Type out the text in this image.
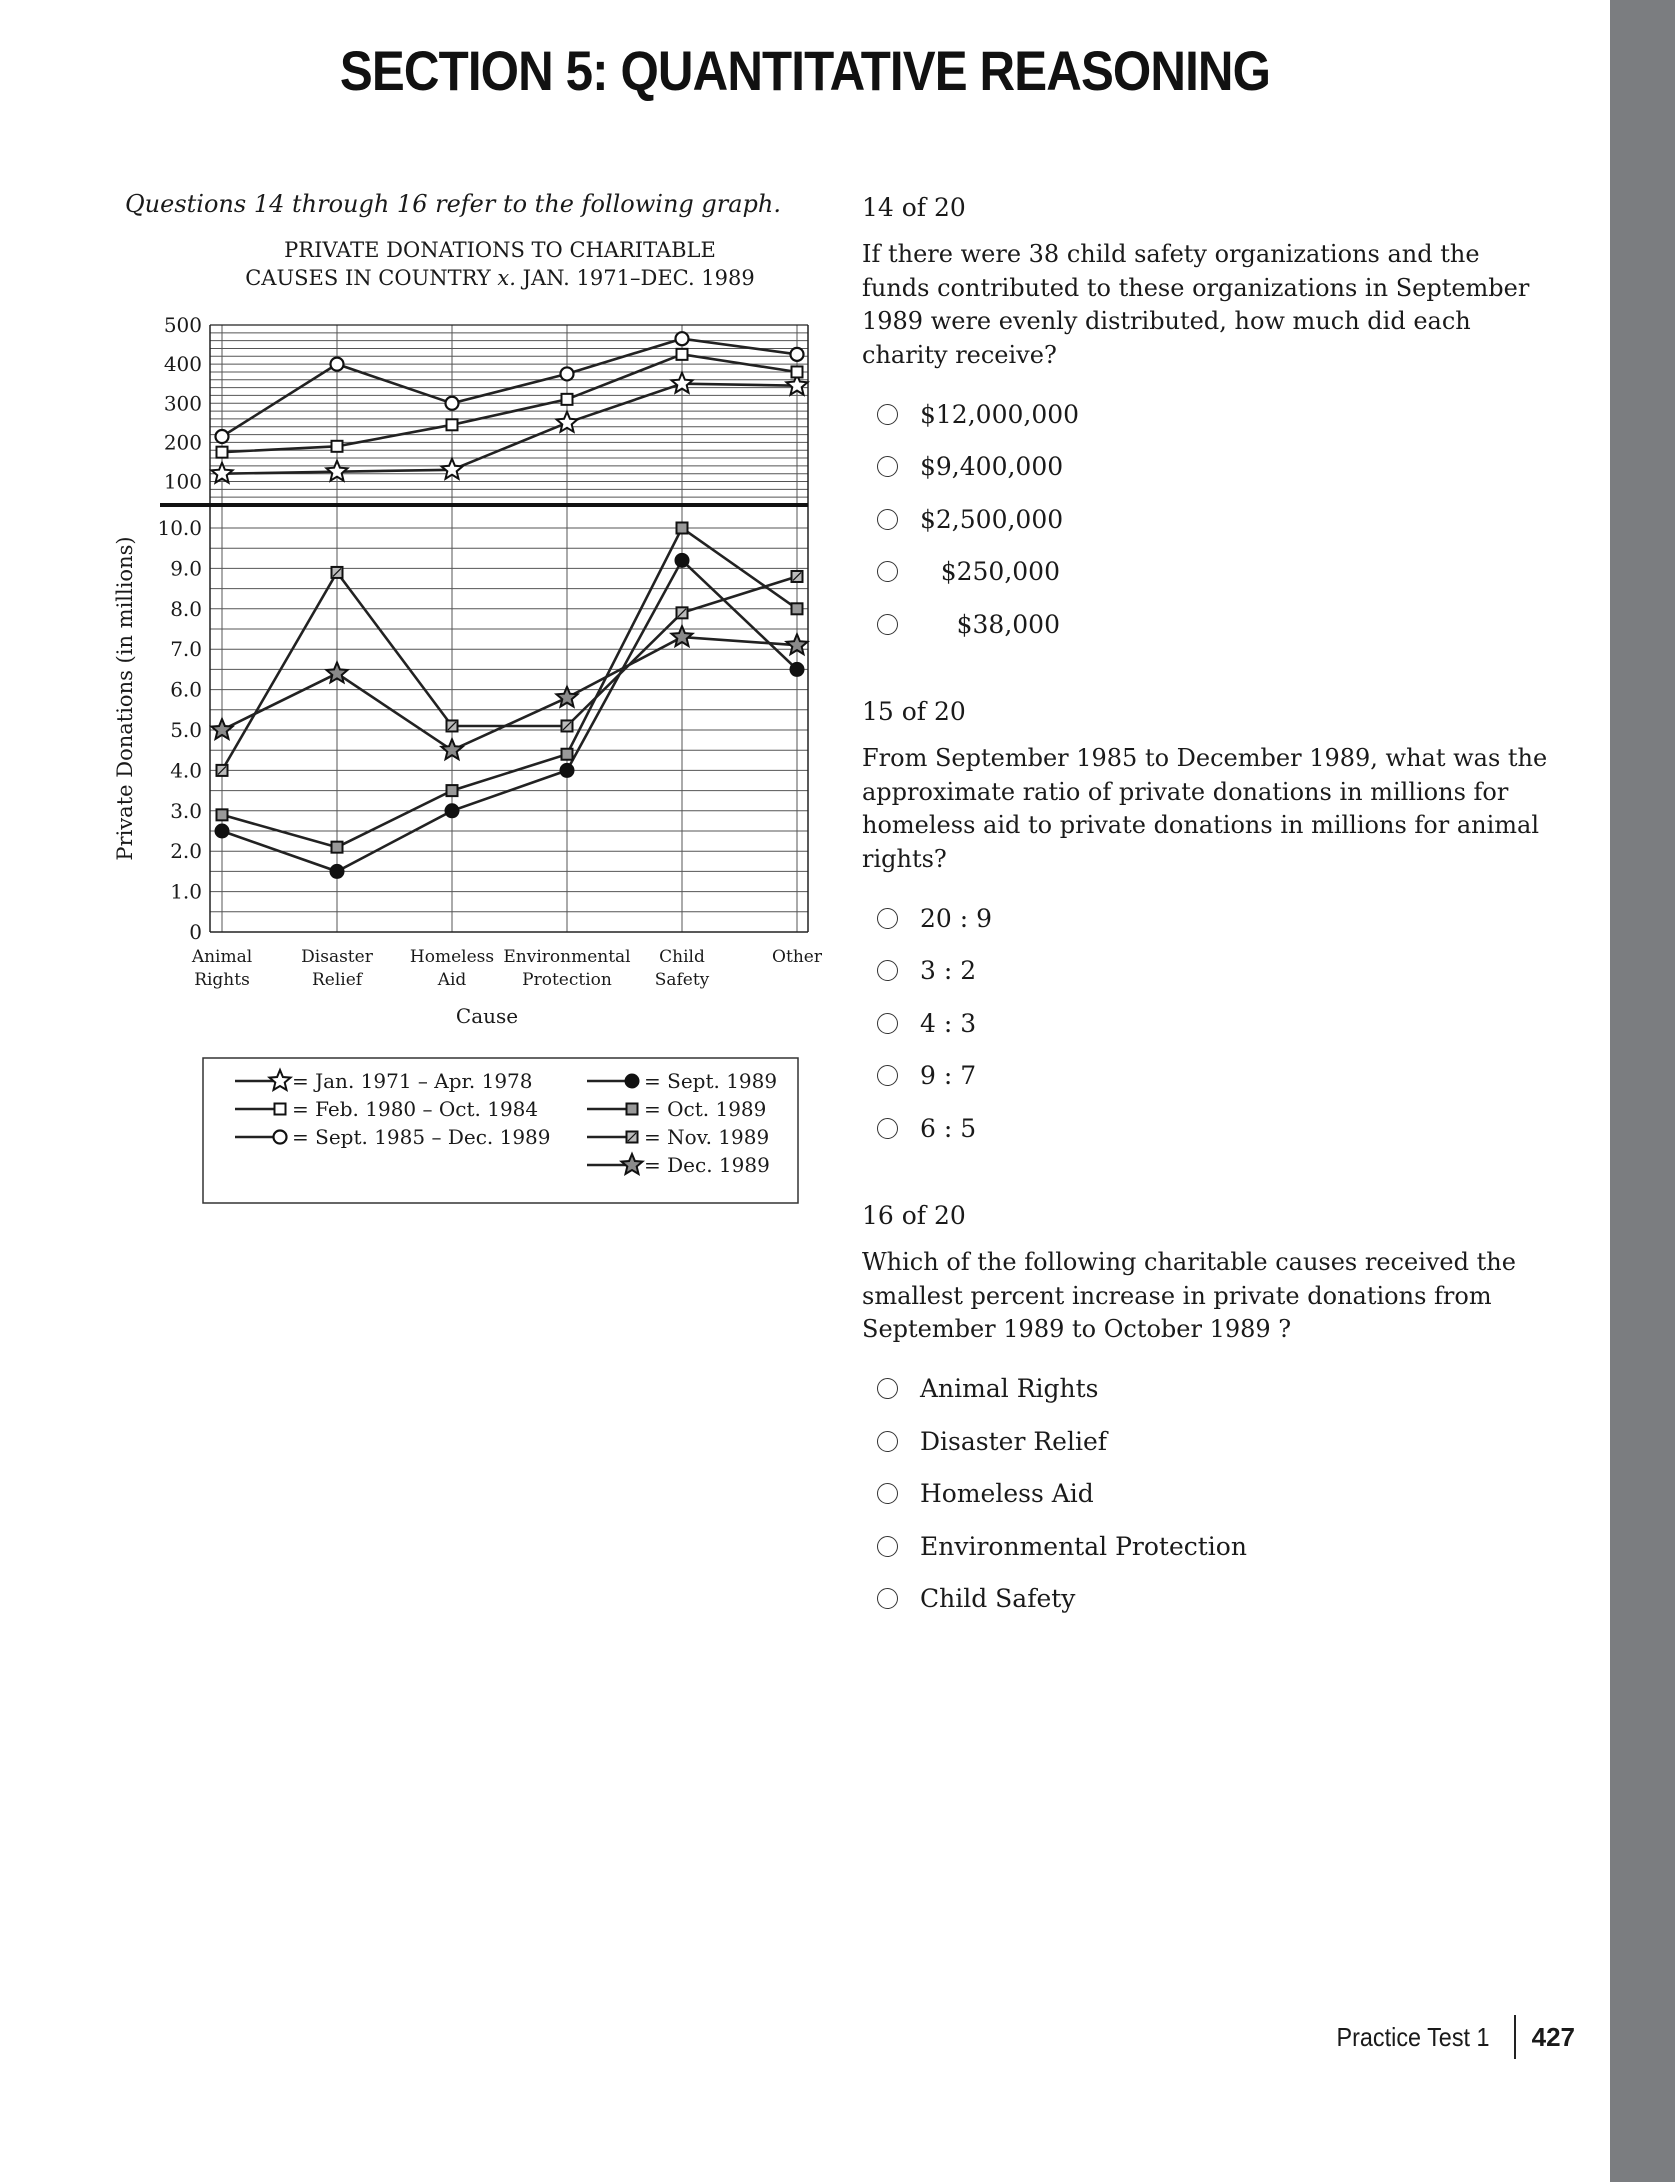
SECTION 5: QUANTITATIVE REASONING
Questions 14 through 16 refer to the following graph.
PRIVATE DONATIONS TO CHARITABLE
CAUSES IN COUNTRY x. JAN. 1971–DEC. 1989
100
200
300
400
500
0
1.0
2.0
3.0
4.0
5.0
6.0
7.0
8.0
9.0
10.0
Private Donations (in millions)
Animal
Rights
Disaster
Relief
Homeless
Aid
Environmental
Protection
Child
Safety
Other
Cause
= Jan. 1971 – Apr. 1978
= Feb. 1980 – Oct. 1984
= Sept. 1985 – Dec. 1989
= Sept. 1989
= Oct. 1989
= Nov. 1989
= Dec. 1989
14 of 20

If there were 38 child safety organizations and the funds contributed to these organizations in September 1989 were evenly distributed, how much did each charity receive?

$12,000,000
$9,400,000
$2,500,000
$250,000
$38,000
15 of 20

From September 1985 to December 1989, what was the approximate ratio of private donations in millions for homeless aid to private donations in millions for animal rights?

20 : 9
3 : 2
4 : 3
9 : 7
6 : 5
16 of 20

Which of the following charitable causes received the smallest percent increase in private donations from September 1989 to October 1989 ?

Animal Rights
Disaster Relief
Homeless Aid
Environmental Protection
Child Safety
Practice Test 1 427
